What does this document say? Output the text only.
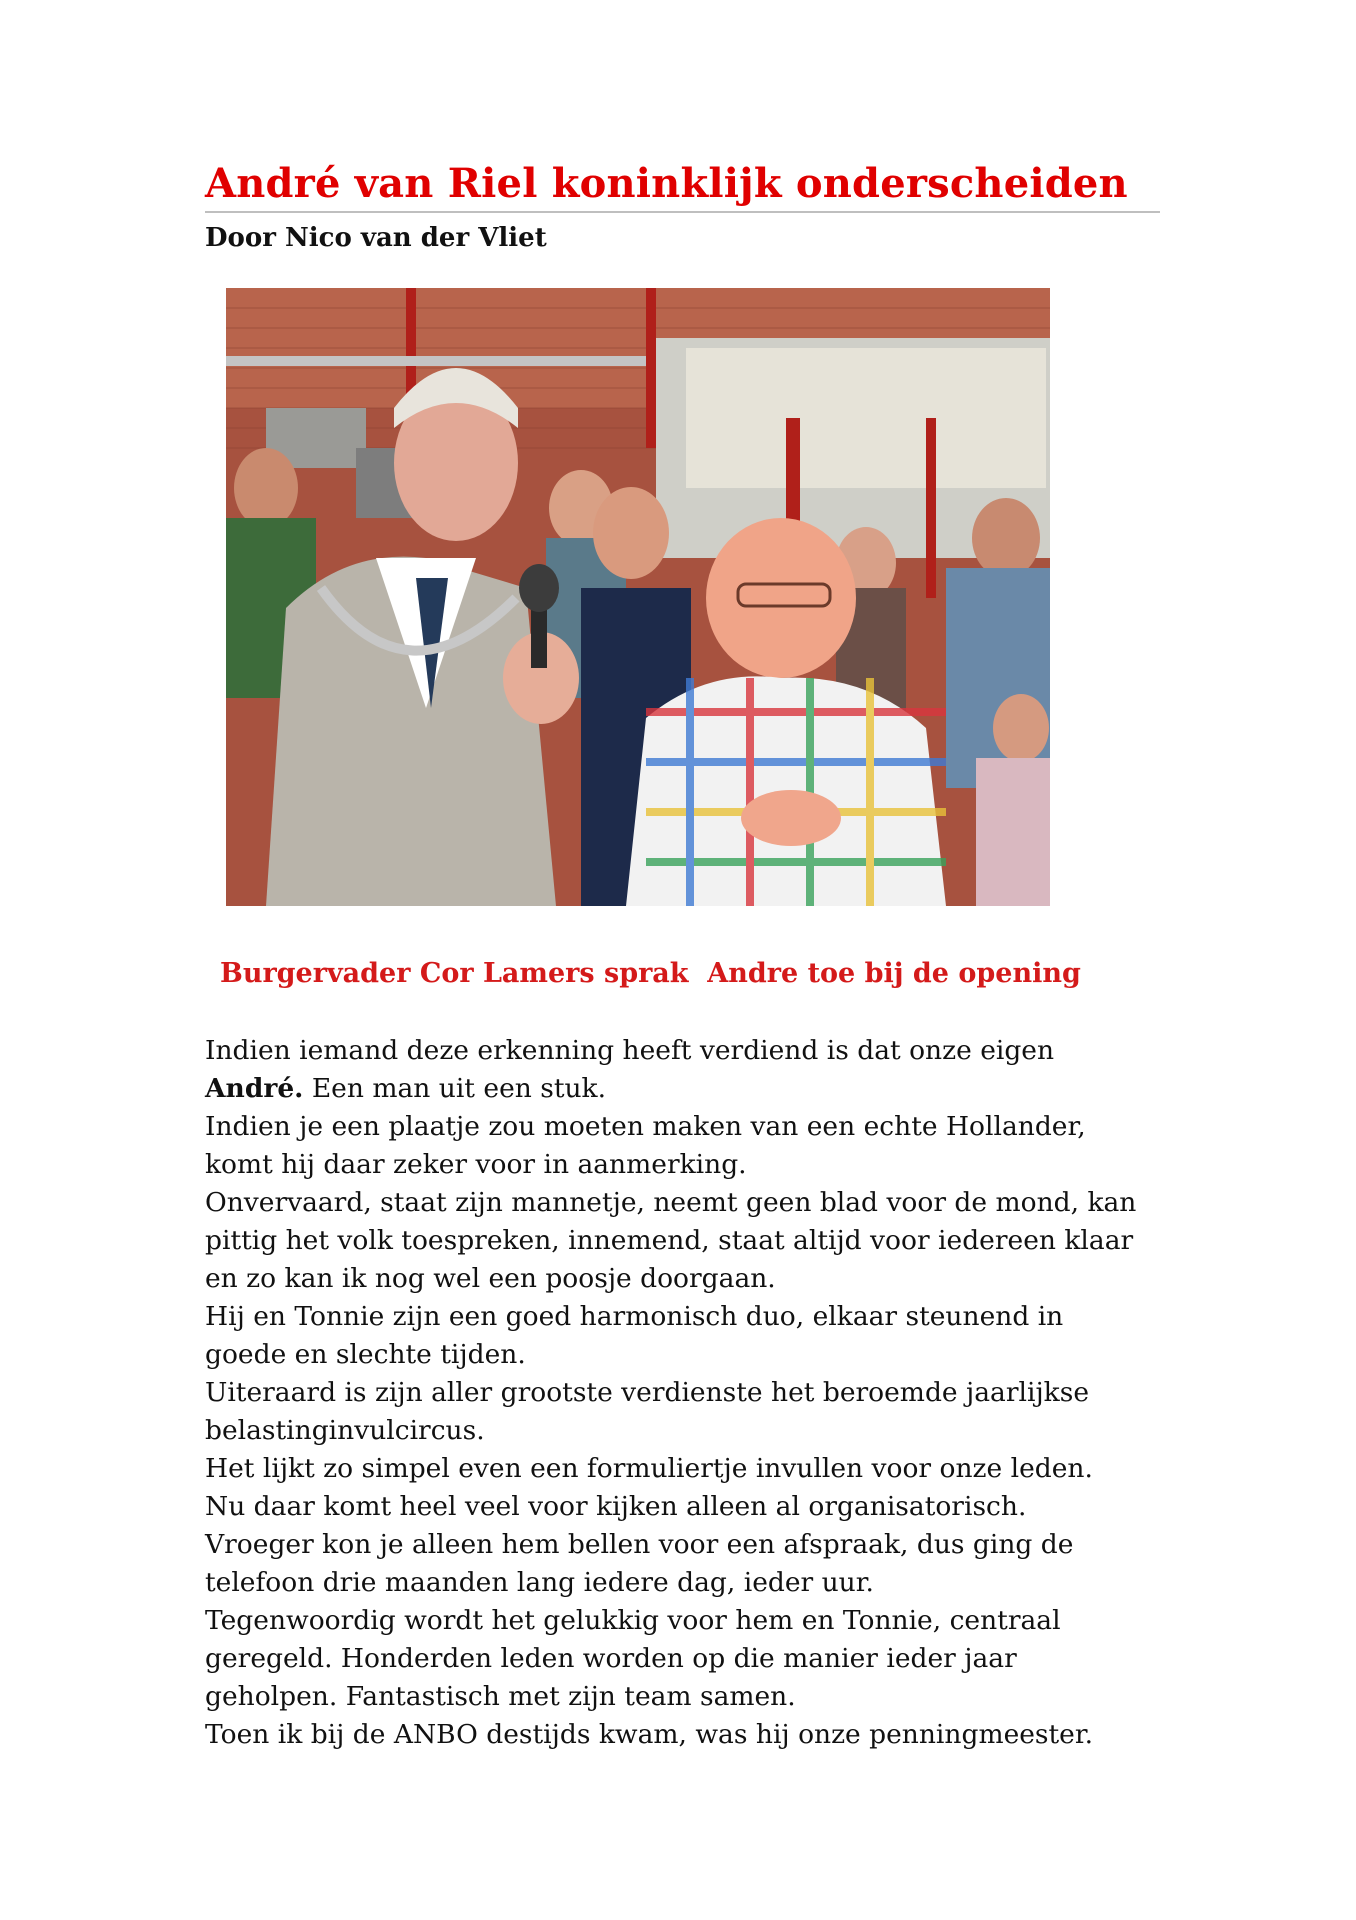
André van Riel koninklijk onderscheiden
Door Nico van der Vliet
Burgervader Cor Lamers sprak  Andre toe bij de opening
Indien iemand deze erkenning heeft verdiend is dat onze eigen
André. Een man uit een stuk.
Indien je een plaatje zou moeten maken van een echte Hollander,
komt hij daar zeker voor in aanmerking.
Onvervaard, staat zijn mannetje, neemt geen blad voor de mond, kan
pittig het volk toespreken, innemend, staat altijd voor iedereen klaar
en zo kan ik nog wel een poosje doorgaan.
Hij en Tonnie zijn een goed harmonisch duo, elkaar steunend in
goede en slechte tijden.
Uiteraard is zijn aller grootste verdienste het beroemde jaarlijkse
belastinginvulcircus.
Het lijkt zo simpel even een formuliertje invullen voor onze leden.
Nu daar komt heel veel voor kijken alleen al organisatorisch.
Vroeger kon je alleen hem bellen voor een afspraak, dus ging de
telefoon drie maanden lang iedere dag, ieder uur.
Tegenwoordig wordt het gelukkig voor hem en Tonnie, centraal
geregeld. Honderden leden worden op die manier ieder jaar
geholpen. Fantastisch met zijn team samen.
Toen ik bij de ANBO destijds kwam, was hij onze penningmeester.
